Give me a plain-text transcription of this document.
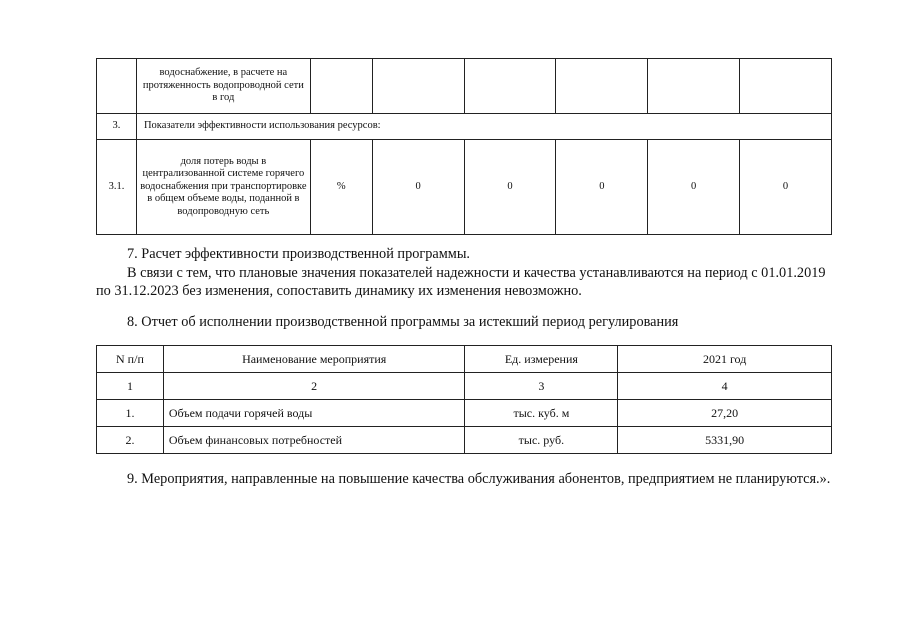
	водоснабжение, в расчете на протяженность водопроводной сети в год						
3.	Показатели эффективности использования ресурсов:						
3.1.	доля потерь воды в централизованной системе горячего водоснабжения при транспортировке в общем объеме воды, поданной в водопроводную сеть	%	0	0	0	0	0
7. Расчет эффективности производственной программы.
В связи с тем, что плановые значения показателей надежности и качества устанавливаются на период с 01.01.2019
по 31.12.2023 без изменения, сопоставить динамику их изменения невозможно.
8. Отчет об исполнении производственной программы за истекший период регулирования
N п/п	Наименование мероприятия	Ед. измерения	2021 год
1	2	3	4
1.	Объем подачи горячей воды	тыс. куб. м	27,20
2.	Объем финансовых потребностей	тыс. руб.	5331,90
9. Мероприятия, направленные на повышение качества обслуживания абонентов, предприятием не планируются.».
